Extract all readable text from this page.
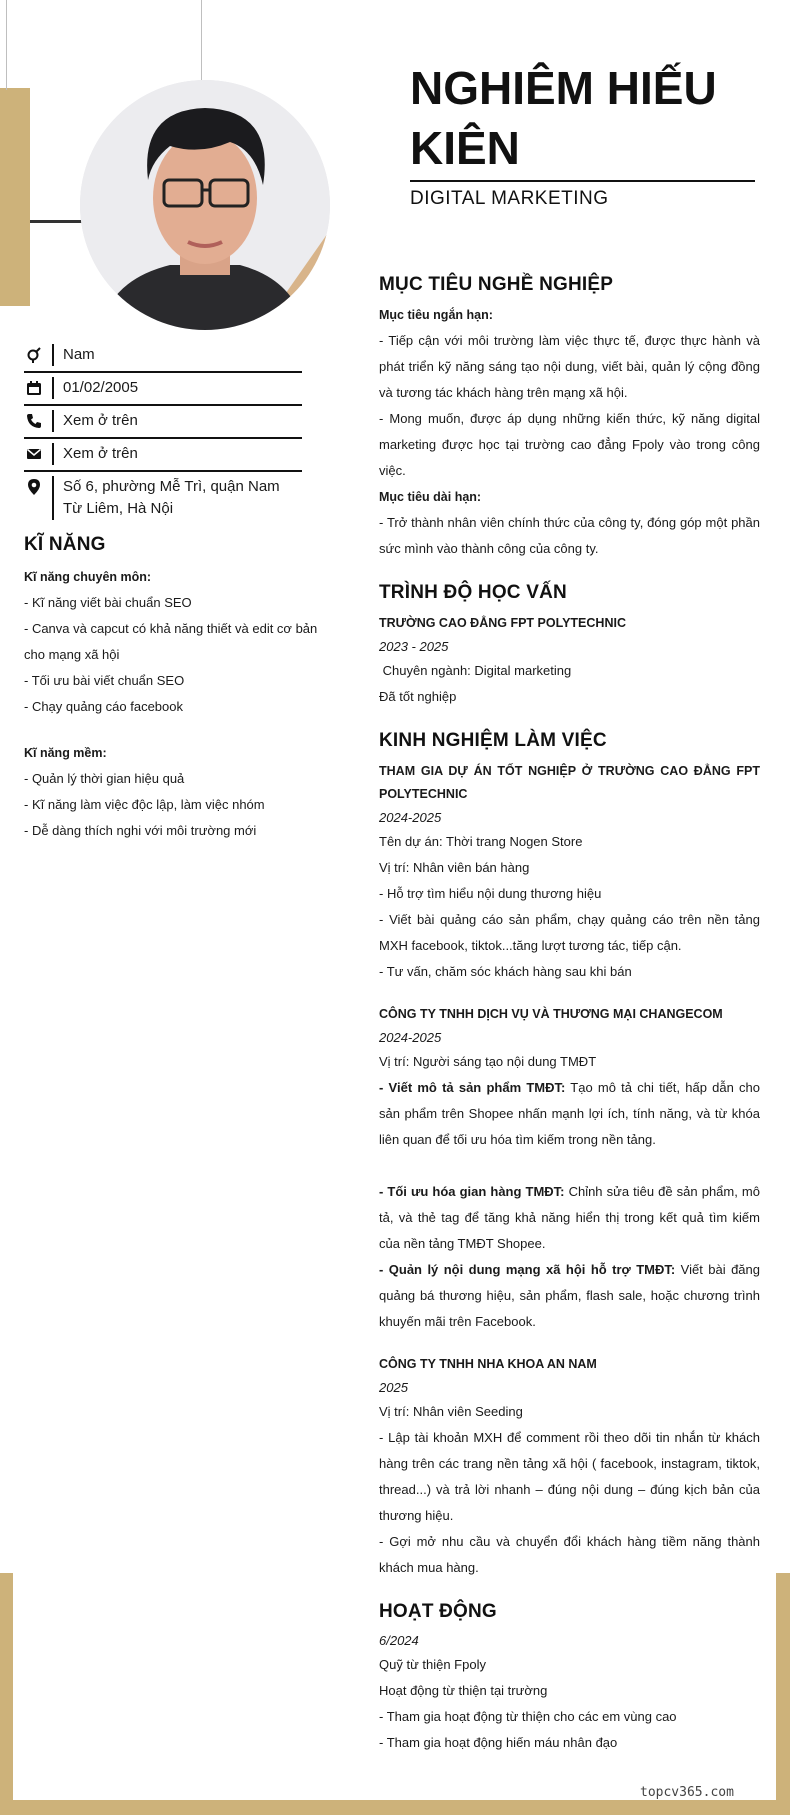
NGHIÊM HIẾU KIÊN
DIGITAL MARKETING
Nam
01/02/2005
Xem ở trên
Xem ở trên
Số 6, phường Mễ Trì, quận Nam Từ Liêm, Hà Nội
KĨ NĂNG
Kĩ năng chuyên môn:
- Kĩ năng viết bài chuẩn SEO
- Canva và capcut có khả năng thiết và edit cơ bản cho mạng xã hội
- Tối ưu bài viết chuẩn SEO
- Chạy quảng cáo facebook
Kĩ năng mềm:
- Quản lý thời gian hiệu quả
- Kĩ năng làm việc độc lập, làm việc nhóm
- Dễ dàng thích nghi với môi trường mới
MỤC TIÊU NGHỀ NGHIỆP
Mục tiêu ngắn hạn:
- Tiếp cận với môi trường làm việc thực tế, được thực hành và phát triển kỹ năng sáng tạo nội dung, viết bài, quản lý cộng đồng và tương tác khách hàng trên mạng xã hội.
- Mong muốn, được áp dụng những kiến thức, kỹ năng digital marketing được học tại trường cao đẳng Fpoly vào trong công việc.
Mục tiêu dài hạn:
- Trở thành nhân viên chính thức của công ty, đóng góp một phần sức mình vào thành công của công ty.
TRÌNH ĐỘ HỌC VẤN
TRƯỜNG CAO ĐẲNG FPT POLYTECHNIC
2023 - 2025
Chuyên ngành: Digital marketing
Đã tốt nghiệp
KINH NGHIỆM LÀM VIỆC
THAM GIA DỰ ÁN TỐT NGHIỆP Ở TRƯỜNG CAO ĐẲNG FPT POLYTECHNIC
2024-2025
Tên dự án: Thời trang Nogen Store
Vị trí: Nhân viên bán hàng
- Hỗ trợ tìm hiểu nội dung thương hiệu
- Viết bài quảng cáo sản phẩm, chạy quảng cáo trên nền tảng MXH facebook, tiktok...tăng lượt tương tác, tiếp cận.
- Tư vấn, chăm sóc khách hàng sau khi bán
CÔNG TY TNHH DỊCH VỤ VÀ THƯƠNG MẠI CHANGECOM
2024-2025
Vị trí: Người sáng tạo nội dung TMĐT
- Viết mô tả sản phẩm TMĐT: Tạo mô tả chi tiết, hấp dẫn cho sản phẩm trên Shopee nhấn mạnh lợi ích, tính năng, và từ khóa liên quan để tối ưu hóa tìm kiếm trong nền tảng.
- Tối ưu hóa gian hàng TMĐT: Chỉnh sửa tiêu đề sản phẩm, mô tả, và thẻ tag để tăng khả năng hiển thị trong kết quả tìm kiếm của nền tảng TMĐT Shopee.
- Quản lý nội dung mạng xã hội hỗ trợ TMĐT: Viết bài đăng quảng bá thương hiệu, sản phẩm, flash sale, hoặc chương trình khuyến mãi trên Facebook.
CÔNG TY TNHH NHA KHOA AN NAM
2025
Vị trí: Nhân viên Seeding
- Lập tài khoản MXH để comment rồi theo dõi tin nhắn từ khách hàng trên các trang nền tảng xã hội ( facebook, instagram, tiktok, thread...) và trả lời nhanh – đúng nội dung – đúng kịch bản của thương hiệu.
- Gợi mở nhu cầu và chuyển đổi khách hàng tiềm năng thành khách mua hàng.
HOẠT ĐỘNG
6/2024
Quỹ từ thiện Fpoly
Hoạt động từ thiện tại trường
- Tham gia hoạt động từ thiện cho các em vùng cao
- Tham gia hoạt động hiến máu nhân đạo
topcv365.com
